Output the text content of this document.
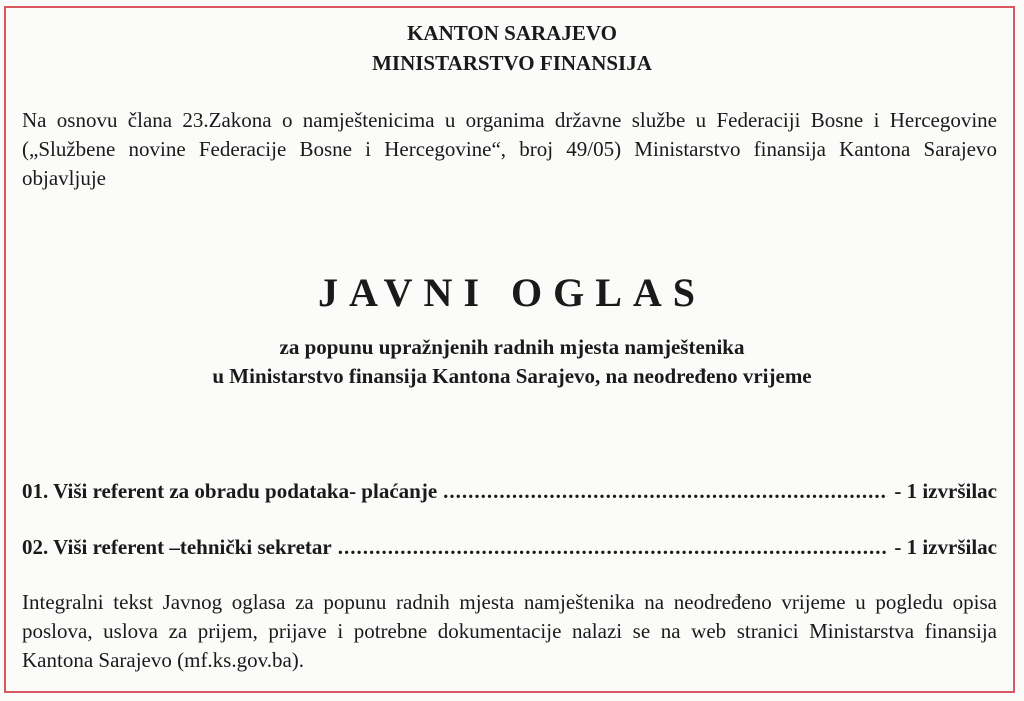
KANTON SARAJEVO
MINISTARSTVO FINANSIJA
Na osnovu člana 23.Zakona o namještenicima u organima državne službe u Federaciji Bosne i Hercegovine („Službene novine Federacije Bosne i Hercegovine“, broj 49/05) Ministarstvo finansija Kantona Sarajevo objavljuje
JAVNI OGLAS
za popunu upražnjenih radnih mjesta namještenika
u Ministarstvo finansija Kantona Sarajevo, na neodređeno vrijeme
01. Viši referent za obradu podataka- plaćanje .....	- 1 izvršilac
02. Viši referent –tehnički sekretar .....	- 1 izvršilac
Integralni tekst Javnog oglasa za popunu radnih mjesta namještenika na neodređeno vrijeme u pogledu opisa poslova, uslova za prijem, prijave i potrebne dokumentacije nalazi se na web stranici Ministarstva finansija Kantona Sarajevo (mf.ks.gov.ba).
